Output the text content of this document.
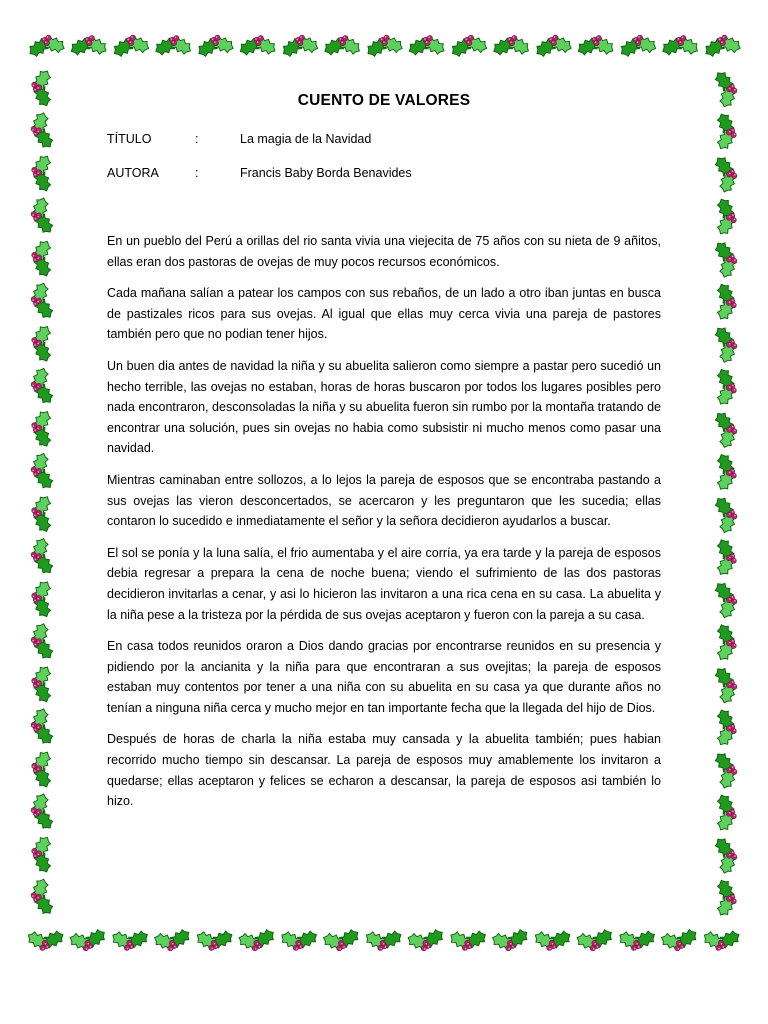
CUENTO DE VALORES
TÍTULO	:	La magia de la Navidad
AUTORA	:	Francis Baby Borda Benavides

En un pueblo del Perú a orillas del rio santa vivia una viejecita de 75 años con su nieta de 9 añitos, ellas eran dos pastoras de ovejas de muy pocos recursos económicos.

Cada mañana salían a patear los campos con sus rebaños, de un lado a otro iban juntas en busca de pastizales ricos para sus ovejas. Al igual que ellas muy cerca vivia una pareja de pastores también pero que no podian tener hijos.

Un buen dia antes de navidad la niña y su abuelita salieron como siempre a pastar pero sucedió un hecho terrible, las ovejas no estaban, horas de horas buscaron por todos los lugares posibles pero nada encontraron, desconsoladas la niña y su abuelita fueron sin rumbo por la montaña tratando de encontrar una solución, pues sin ovejas no habia como subsistir ni mucho menos como pasar una navidad.

Mientras caminaban entre sollozos, a lo lejos la pareja de esposos que se encontraba pastando a sus ovejas las vieron desconcertados, se acercaron y les preguntaron que les sucedia; ellas contaron lo sucedido e inmediatamente el señor y la señora decidieron ayudarlos a buscar.

El sol se ponía y la luna salía, el frio aumentaba y el aire corría, ya era tarde y la pareja de esposos debia regresar a prepara la cena de noche buena; viendo el sufrimiento de las dos pastoras decidieron invitarlas a cenar, y asi lo hicieron las invitaron a una rica cena en su casa. La abuelita y la niña pese a la tristeza por la pérdida de sus ovejas aceptaron y fueron con la pareja a su casa.

En casa todos reunidos oraron a Dios dando gracias por encontrarse reunidos en su presencia y pidiendo por la ancianita y la niña para que encontraran a sus ovejitas; la pareja de esposos estaban muy contentos por tener a una niña con su abuelita en su casa ya que durante años no tenían a ninguna niña cerca y mucho mejor en tan importante fecha que la llegada del hijo de Dios.

Después de horas de charla la niña estaba muy cansada y la abuelita también; pues habian recorrido mucho tiempo sin descansar. La pareja de esposos muy amablemente los invitaron a quedarse; ellas aceptaron y felices se echaron a descansar, la pareja de esposos asi también lo hizo.
